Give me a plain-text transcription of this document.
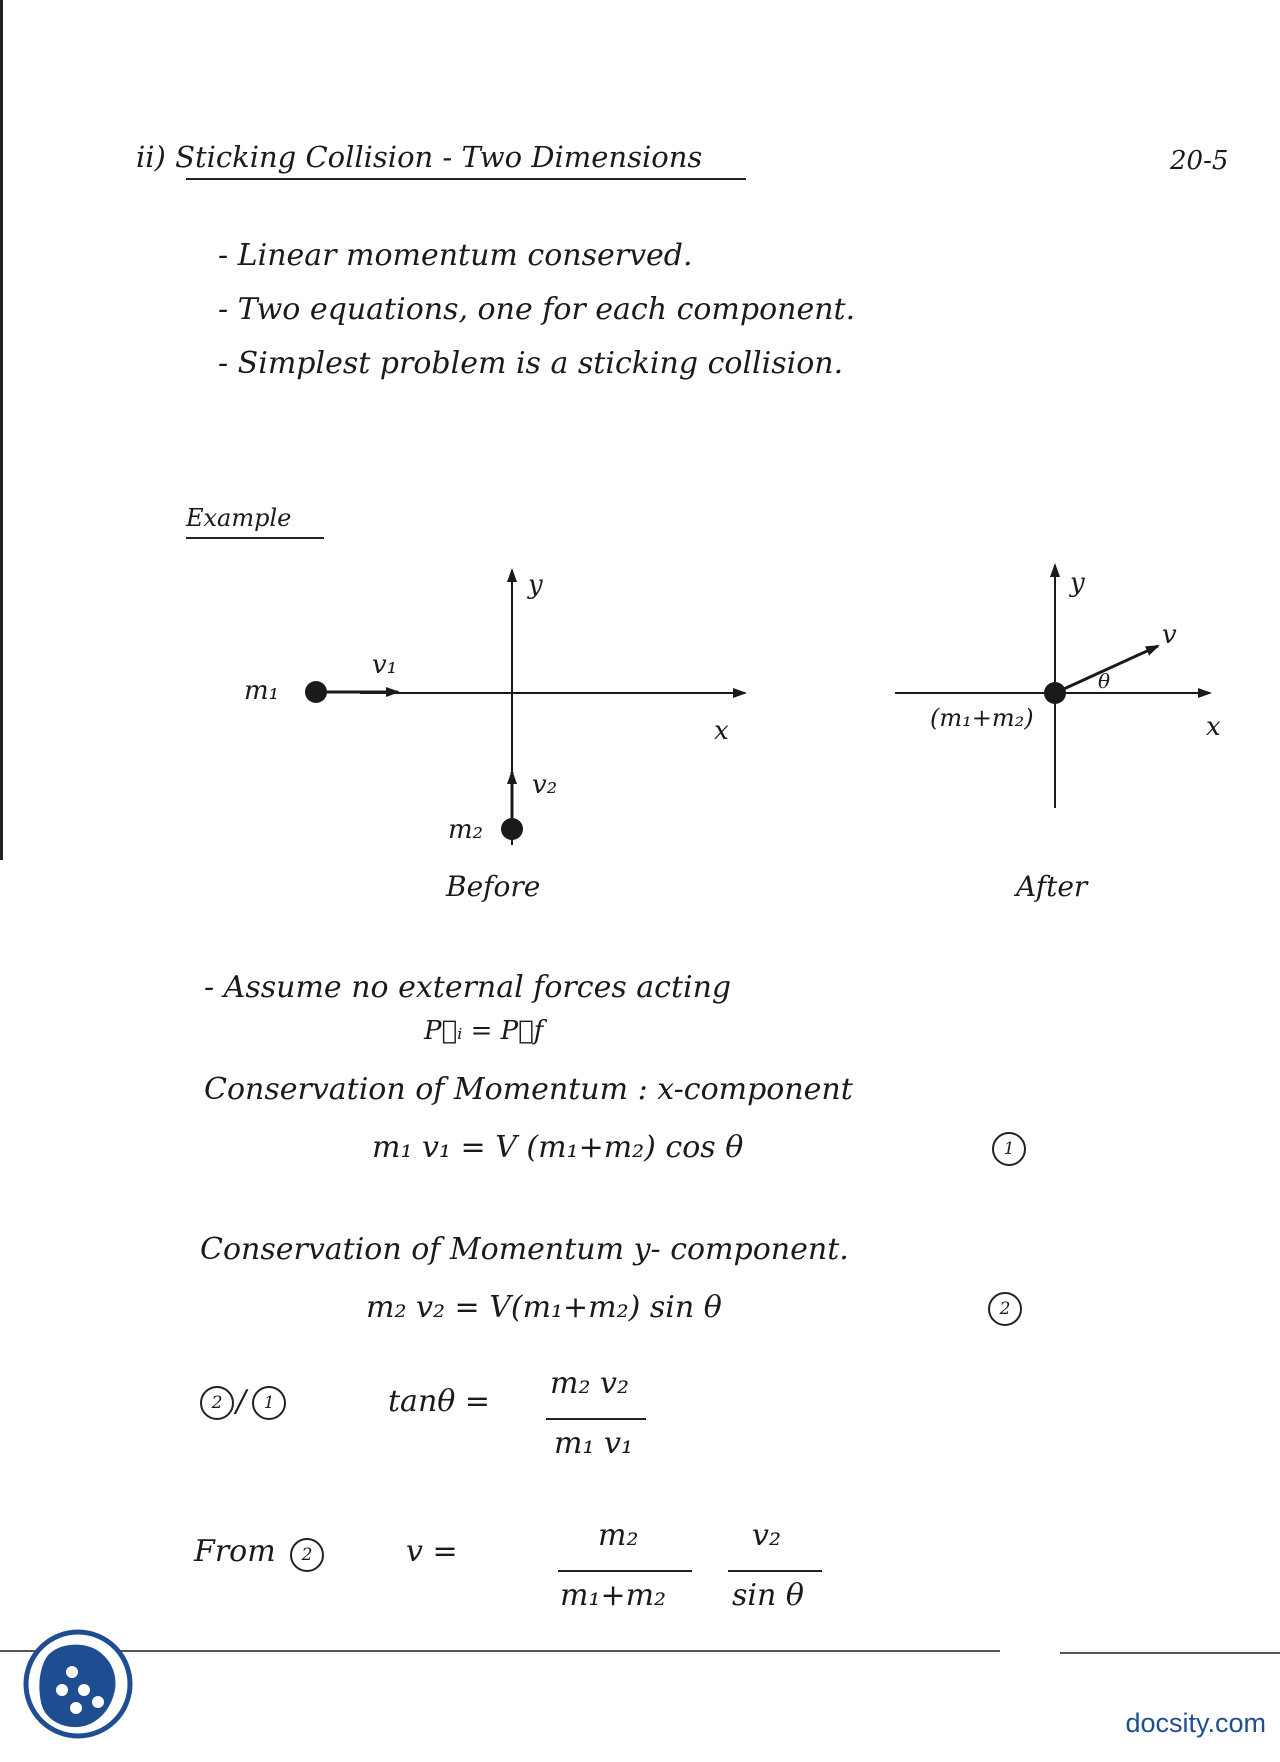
ii) Sticking Collision - Two Dimensions	20-5
- Linear momentum conserved.
- Two equations, one for each component.
- Simplest problem is a sticking collision.
Example
m₁
v₁
y
x
v₂
m₂
Before
y
v
θ
(m₁+m₂)	x
After
- Assume no external forces acting
P⃗ᵢ = P⃗f
Conservation of Momentum : x-component
m₁ v₁ = V (m₁+m₂) cos θ	1
Conservation of Momentum y- component.
m₂ v₂ = V(m₁+m₂) sin θ	2
2 /	1	tanθ =
m₂ v₂
m₁ v₁
From	2	v =	m₂
m₁+m₂
v₂
sin θ
docsity.com
